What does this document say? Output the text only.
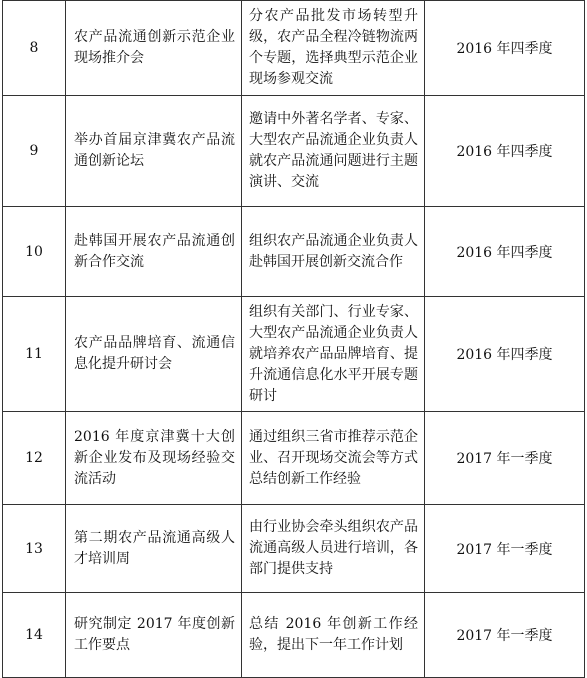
8	农产品流通创新示范企业现场推介会	分农产品批发市场转型升级，农产品全程冷链物流两个专题，选择典型示范企业现场参观交流	2016 年四季度
9	举办首届京津冀农产品流通创新论坛	邀请中外著名学者、专家、大型农产品流通企业负责人就农产品流通问题进行主题演讲、交流	2016 年四季度
10	赴韩国开展农产品流通创新合作交流	组织农产品流通企业负责人赴韩国开展创新交流合作	2016 年四季度
11	农产品品牌培育、流通信息化提升研讨会	组织有关部门、行业专家、大型农产品流通企业负责人就培养农产品品牌培育、提升流通信息化水平开展专题研讨	2016 年四季度
12	2016 年度京津冀十大创新企业发布及现场经验交流活动	通过组织三省市推荐示范企业、召开现场交流会等方式总结创新工作经验	2017 年一季度
13	第二期农产品流通高级人才培训周	由行业协会牵头组织农产品流通高级人员进行培训，各部门提供支持	2017 年一季度
14	研究制定 2017 年度创新工作要点	总结 2016 年创新工作经验，提出下一年工作计划	2017 年一季度
